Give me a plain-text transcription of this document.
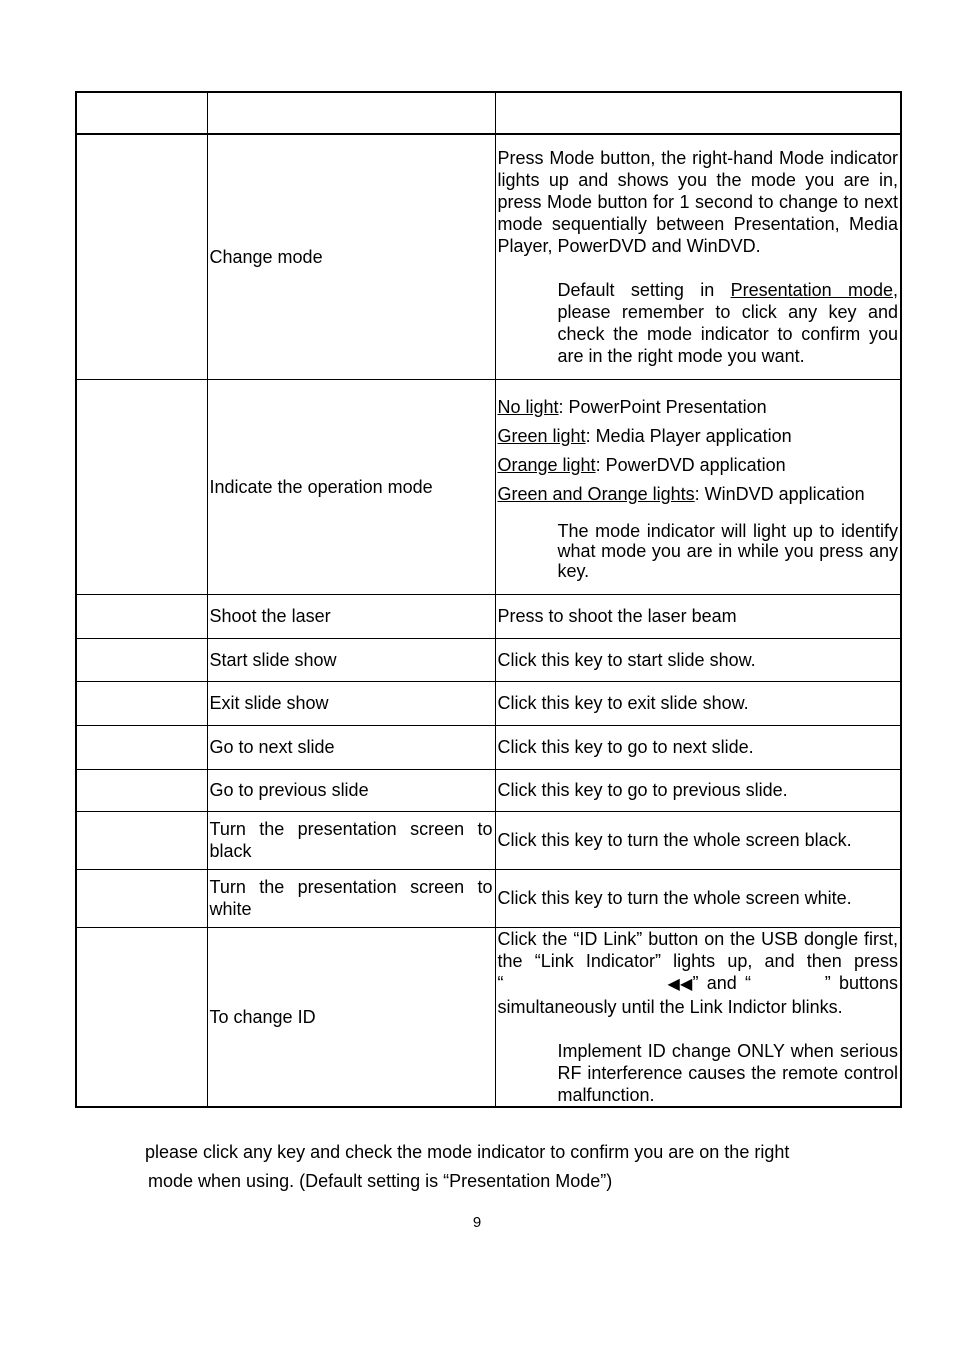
	Change mode	Press Mode button, the right-hand Mode indicator lights up and shows you the mode you are in, press Mode button for 1 second to change to next mode sequentially between Presentation, Media Player, PowerDVD and WinDVD.

Default setting in Presentation mode, please remember to click any key and check the mode indicator to confirm you are in the right mode you want.

	Indicate the operation mode	No light: PowerPoint Presentation

Green light: Media Player application

Orange light: PowerDVD application

Green and Orange lights: WinDVD application

The mode indicator will light up to identify what mode you are in while you press any key.

	Shoot the laser	Press to shoot the laser beam
	Start slide show	Click this key to start slide show.
	Exit slide show	Click this key to exit slide show.
	Go to next slide	Click this key to go to next slide.
	Go to previous slide	Click this key to go to previous slide.
	Turn the presentation screen to black	Click this key to turn the whole screen black.
	Turn the presentation screen to white	Click this key to turn the whole screen white.
	To change ID	Click the “ID Link” button on the USB dongle first, the “Link Indicator” lights up, and then press “ ◀◀” and “ ” buttons simultaneously until the Link Indictor blinks.

Implement ID change ONLY when serious RF interference causes the remote control malfunction.

please click any key and check the mode indicator to confirm you are on the right
mode when using. (Default setting is “Presentation Mode”)
9
